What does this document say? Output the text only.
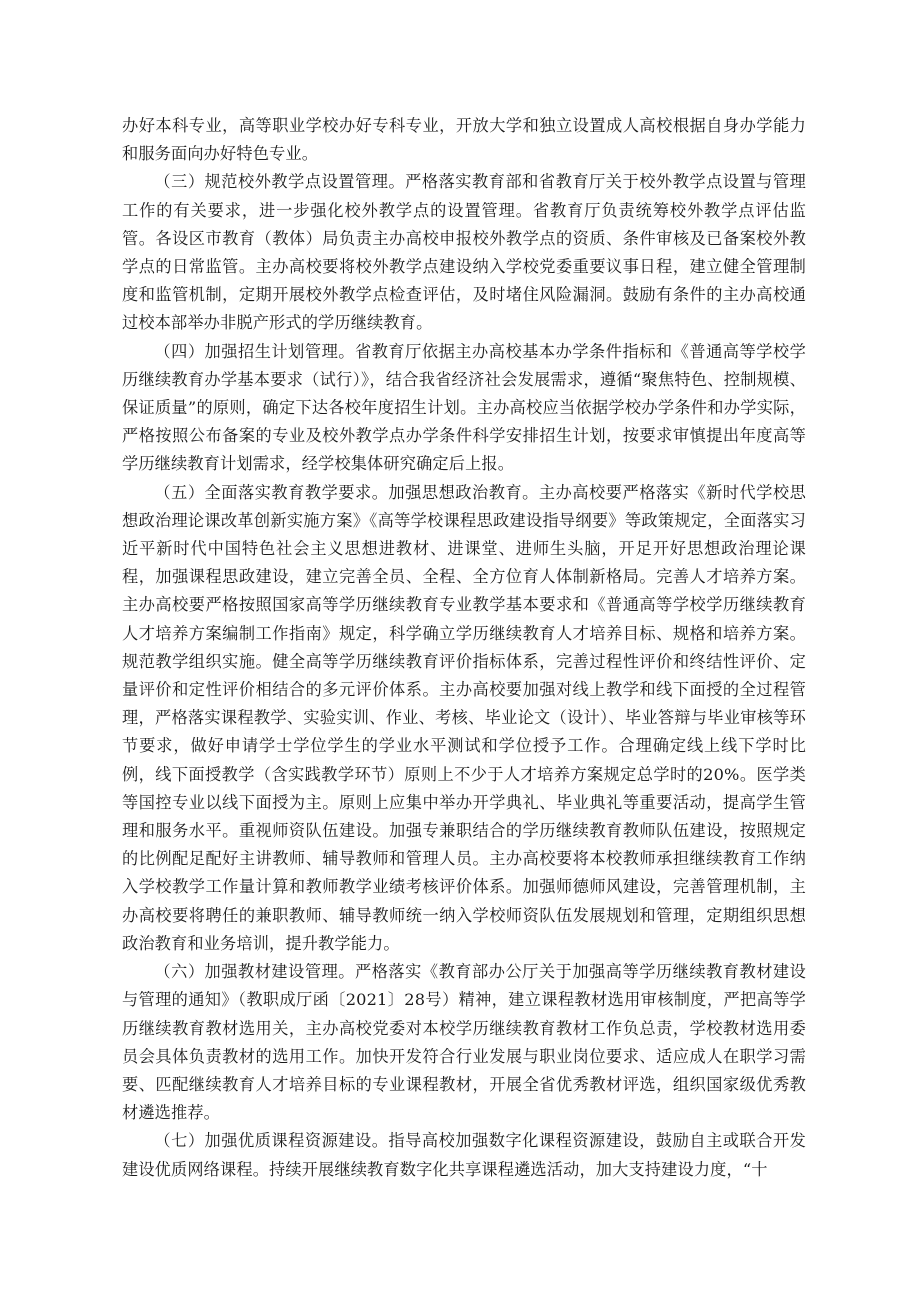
办好本科专业，高等职业学校办好专科专业，开放大学和独立设置成人高校根据自身办学能力和服务面向办好特色专业。

（三）规范校外教学点设置管理。严格落实教育部和省教育厅关于校外教学点设置与管理工作的有关要求，进一步强化校外教学点的设置管理。省教育厅负责统筹校外教学点评估监管。各设区市教育（教体）局负责主办高校申报校外教学点的资质、条件审核及已备案校外教学点的日常监管。主办高校要将校外教学点建设纳入学校党委重要议事日程，建立健全管理制度和监管机制，定期开展校外教学点检查评估，及时堵住风险漏洞。鼓励有条件的主办高校通过校本部举办非脱产形式的学历继续教育。

（四）加强招生计划管理。省教育厅依据主办高校基本办学条件指标和《普通高等学校学历继续教育办学基本要求（试行）》，结合我省经济社会发展需求，遵循“聚焦特色、控制规模、保证质量”的原则，确定下达各校年度招生计划。主办高校应当依据学校办学条件和办学实际，严格按照公布备案的专业及校外教学点办学条件科学安排招生计划，按要求审慎提出年度高等学历继续教育计划需求，经学校集体研究确定后上报。

（五）全面落实教育教学要求。加强思想政治教育。主办高校要严格落实《新时代学校思想政治理论课改革创新实施方案》《高等学校课程思政建设指导纲要》等政策规定，全面落实习近平新时代中国特色社会主义思想进教材、进课堂、进师生头脑，开足开好思想政治理论课程，加强课程思政建设，建立完善全员、全程、全方位育人体制新格局。完善人才培养方案。主办高校要严格按照国家高等学历继续教育专业教学基本要求和《普通高等学校学历继续教育人才培养方案编制工作指南》规定，科学确立学历继续教育人才培养目标、规格和培养方案。规范教学组织实施。健全高等学历继续教育评价指标体系，完善过程性评价和终结性评价、定量评价和定性评价相结合的多元评价体系。主办高校要加强对线上教学和线下面授的全过程管理，严格落实课程教学、实验实训、作业、考核、毕业论文（设计）、毕业答辩与毕业审核等环节要求，做好申请学士学位学生的学业水平测试和学位授予工作。合理确定线上线下学时比例，线下面授教学（含实践教学环节）原则上不少于人才培养方案规定总学时的20%。医学类等国控专业以线下面授为主。原则上应集中举办开学典礼、毕业典礼等重要活动，提高学生管理和服务水平。重视师资队伍建设。加强专兼职结合的学历继续教育教师队伍建设，按照规定的比例配足配好主讲教师、辅导教师和管理人员。主办高校要将本校教师承担继续教育工作纳入学校教学工作量计算和教师教学业绩考核评价体系。加强师德师风建设，完善管理机制，主办高校要将聘任的兼职教师、辅导教师统一纳入学校师资队伍发展规划和管理，定期组织思想政治教育和业务培训，提升教学能力。

（六）加强教材建设管理。严格落实《教育部办公厅关于加强高等学历继续教育教材建设与管理的通知》（教职成厅函〔2021〕28号）精神，建立课程教材选用审核制度，严把高等学历继续教育教材选用关，主办高校党委对本校学历继续教育教材工作负总责，学校教材选用委员会具体负责教材的选用工作。加快开发符合行业发展与职业岗位要求、适应成人在职学习需要、匹配继续教育人才培养目标的专业课程教材，开展全省优秀教材评选，组织国家级优秀教材遴选推荐。

（七）加强优质课程资源建设。指导高校加强数字化课程资源建设，鼓励自主或联合开发建设优质网络课程。持续开展继续教育数字化共享课程遴选活动，加大支持建设力度，“十
